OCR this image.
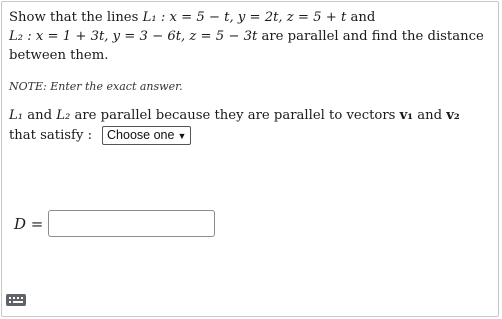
Show that the lines L₁ : x = 5 − t, y = 2t, z = 5 + t and
L₂ : x = 1 + 3t, y = 3 − 6t, z = 5 − 3t are parallel and find the distance
between them.
NOTE: Enter the exact answer.
L₁ and L₂ are parallel because they are parallel to vectors v₁ and v₂
that satisfy : Choose one ▼
D =
